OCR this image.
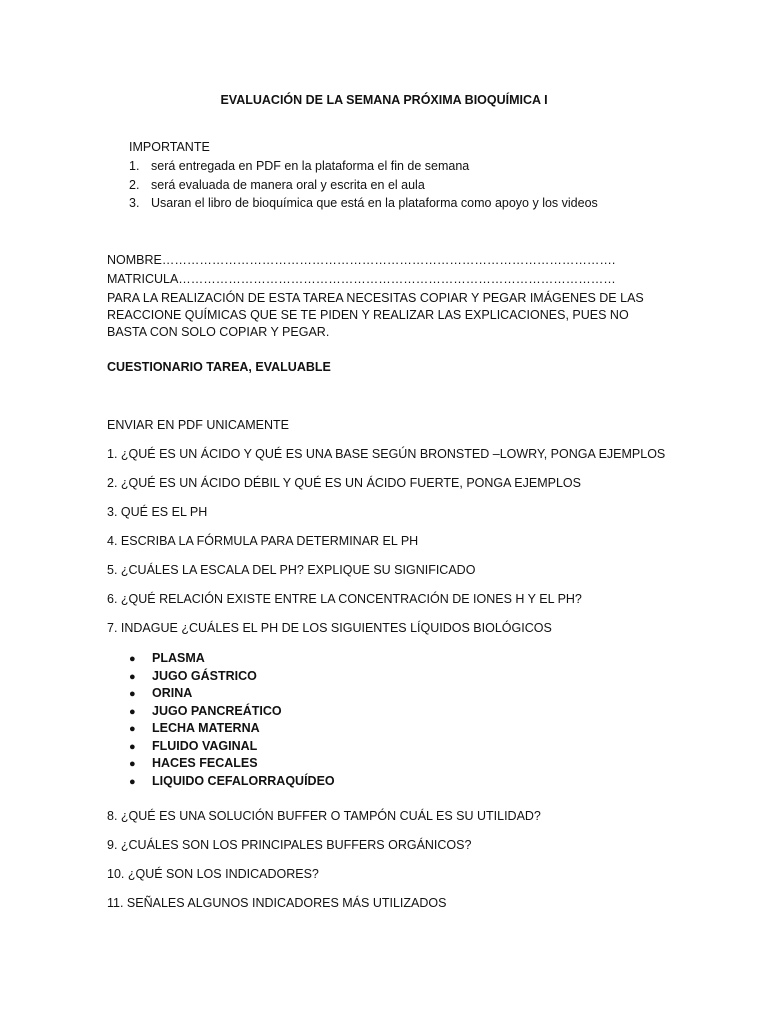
EVALUACIÓN DE LA SEMANA PRÓXIMA BIOQUÍMICA I
IMPORTANTE
1. será entregada en PDF en la plataforma el fin de semana
2. será evaluada de manera oral y escrita en el aula
3. Usaran el libro de bioquímica que está en la plataforma como apoyo y los videos
NOMBRE……………………………………………………………………………………………….
MATRICULA……………………………………………………………………………………………
PARA LA REALIZACIÓN DE ESTA TAREA NECESITAS COPIAR Y PEGAR IMÁGENES DE LAS REACCIONE QUÍMICAS QUE SE TE PIDEN Y REALIZAR LAS EXPLICACIONES, PUES NO BASTA CON SOLO COPIAR Y PEGAR.
CUESTIONARIO TAREA, EVALUABLE
ENVIAR EN PDF UNICAMENTE
1. ¿QUÉ ES UN ÁCIDO Y QUÉ ES UNA BASE SEGÚN BRONSTED –LOWRY, PONGA EJEMPLOS
2. ¿QUÉ ES UN ÁCIDO DÉBIL Y QUÉ ES UN ÁCIDO FUERTE, PONGA EJEMPLOS
3. QUÉ ES EL PH
4. ESCRIBA LA FÓRMULA PARA DETERMINAR EL PH
5. ¿CUÁLES LA ESCALA DEL PH? EXPLIQUE SU SIGNIFICADO
6. ¿QUÉ RELACIÓN EXISTE ENTRE LA CONCENTRACIÓN DE IONES H Y EL PH?
7. INDAGUE ¿CUÁLES EL PH DE LOS SIGUIENTES LÍQUIDOS BIOLÓGICOS
● PLASMA
● JUGO GÁSTRICO
● ORINA
● JUGO PANCREÁTICO
● LECHA MATERNA
● FLUIDO VAGINAL
● HACES FECALES
● LIQUIDO CEFALORRAQUÍDEO
8. ¿QUÉ ES UNA SOLUCIÓN BUFFER O TAMPÓN CUÁL ES SU UTILIDAD?
9. ¿CUÁLES SON LOS PRINCIPALES BUFFERS ORGÁNICOS?
10. ¿QUÉ SON LOS INDICADORES?
11. SEÑALES ALGUNOS INDICADORES MÁS UTILIZADOS
